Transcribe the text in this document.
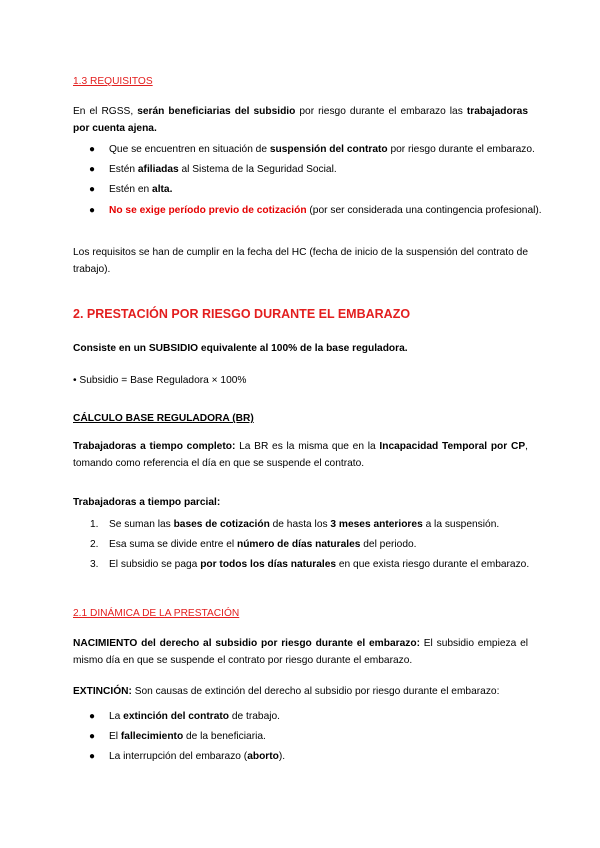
1.3 REQUISITOS
En el RGSS, serán beneficiarias del subsidio por riesgo durante el embarazo las trabajadoras por cuenta ajena.
● Que se encuentren en situación de suspensión del contrato por riesgo durante el embarazo.
● Estén afiliadas al Sistema de la Seguridad Social.
● Estén en alta.
● No se exige período previo de cotización (por ser considerada una contingencia profesional).
Los requisitos se han de cumplir en la fecha del HC (fecha de inicio de la suspensión del contrato de trabajo).
2. PRESTACIÓN POR RIESGO DURANTE EL EMBARAZO
Consiste en un SUBSIDIO equivalente al 100% de la base reguladora.
• Subsidio = Base Reguladora × 100%
CÁLCULO BASE REGULADORA (BR)
Trabajadoras a tiempo completo: La BR es la misma que en la Incapacidad Temporal por CP, tomando como referencia el día en que se suspende el contrato.
Trabajadoras a tiempo parcial:
1. Se suman las bases de cotización de hasta los 3 meses anteriores a la suspensión.
2. Esa suma se divide entre el número de días naturales del periodo.
3. El subsidio se paga por todos los días naturales en que exista riesgo durante el embarazo.
2.1 DINÁMICA DE LA PRESTACIÓN
NACIMIENTO del derecho al subsidio por riesgo durante el embarazo: El subsidio empieza el mismo día en que se suspende el contrato por riesgo durante el embarazo.
EXTINCIÓN: Son causas de extinción del derecho al subsidio por riesgo durante el embarazo:
● La extinción del contrato de trabajo.
● El fallecimiento de la beneficiaria.
● La interrupción del embarazo (aborto).
